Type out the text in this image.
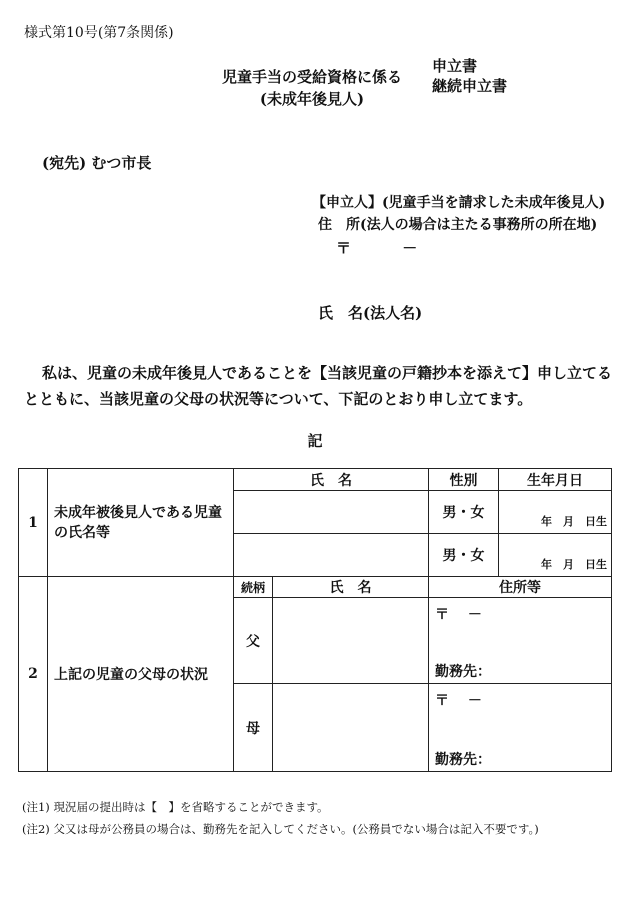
様式第10号(第7条関係)
児童手当の受給資格に係る
(未成年後見人)
申立書
継続申立書
(宛先) むつ市長
【申立人】(児童手当を請求した未成年後見人)
住　所(法人の場合は主たる事務所の所在地)
〒	－
氏　名(法人名)
私は、児童の未成年後見人であることを【当該児童の戸籍抄本を添えて】申し立てるとともに、当該児童の父母の状況等について、下記のとおり申し立てます。
記
1	未成年被後見人である児童の氏名等	氏　名		性別	生年月日
				男・女	年　月　日生
				男・女	年　月　日生
2	上記の児童の父母の状況	続柄	氏　名	住所等	
		父		〒　 －
勤務先：	

		母		〒　 －
勤務先：	
(注1) 現況届の提出時は【　】を省略することができます。
(注2) 父又は母が公務員の場合は、勤務先を記入してください。(公務員でない場合は記入不要です。)
